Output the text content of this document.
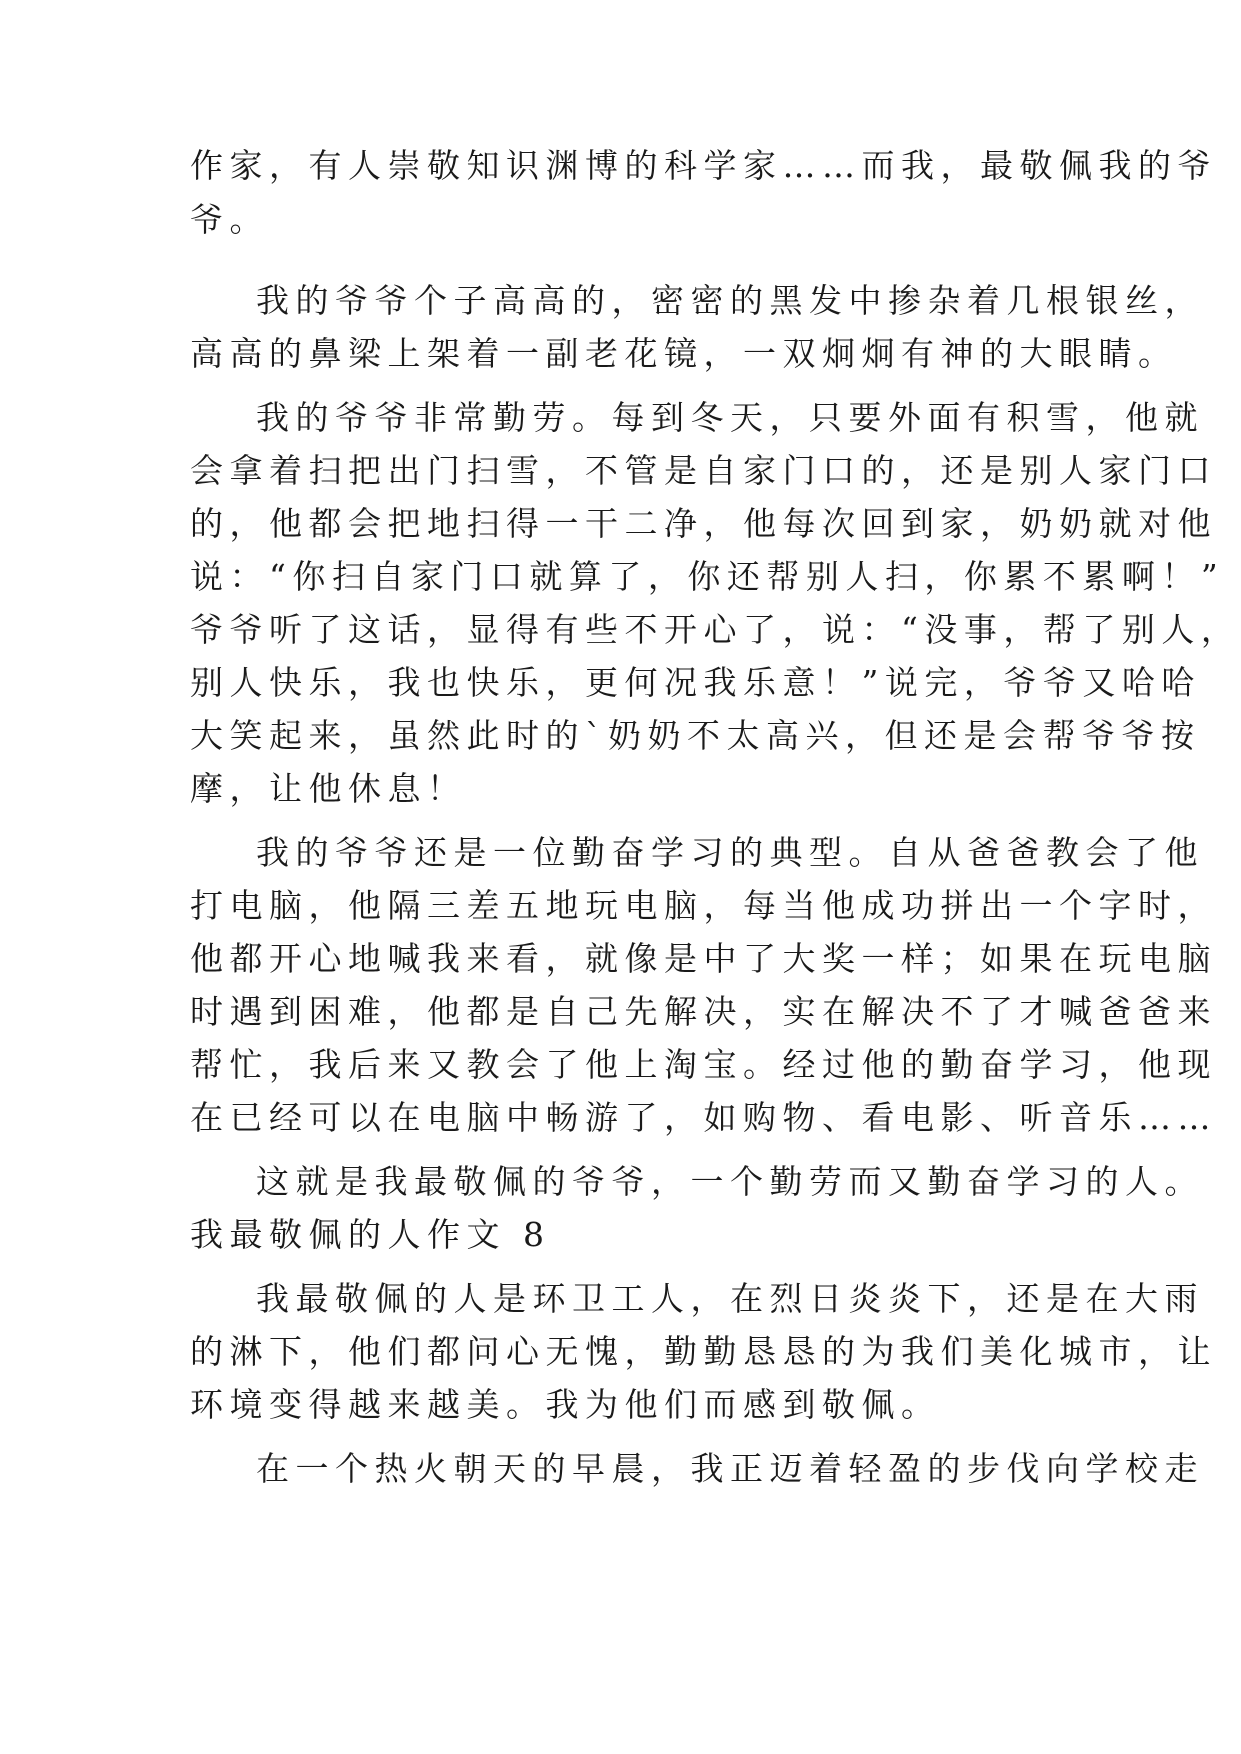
作家，有人崇敬知识渊博的科学家……而我，最敬佩我的爷

爷。

我的爷爷个子高高的，密密的黑发中掺杂着几根银丝，

高高的鼻梁上架着一副老花镜，一双炯炯有神的大眼睛。

我的爷爷非常勤劳。每到冬天，只要外面有积雪，他就

会拿着扫把出门扫雪，不管是自家门口的，还是别人家门口

的，他都会把地扫得一干二净，他每次回到家，奶奶就对他

说：“你扫自家门口就算了，你还帮别人扫，你累不累啊！”

爷爷听了这话，显得有些不开心了，说：“没事，帮了别人，

别人快乐，我也快乐，更何况我乐意！”说完，爷爷又哈哈

大笑起来，虽然此时的`奶奶不太高兴，但还是会帮爷爷按

摩，让他休息！

我的爷爷还是一位勤奋学习的典型。自从爸爸教会了他

打电脑，他隔三差五地玩电脑，每当他成功拼出一个字时，

他都开心地喊我来看，就像是中了大奖一样；如果在玩电脑

时遇到困难，他都是自己先解决，实在解决不了才喊爸爸来

帮忙，我后来又教会了他上淘宝。经过他的勤奋学习，他现

在已经可以在电脑中畅游了，如购物、看电影、听音乐……

这就是我最敬佩的爷爷，一个勤劳而又勤奋学习的人。

我最敬佩的人作文 8

我最敬佩的人是环卫工人，在烈日炎炎下，还是在大雨

的淋下，他们都问心无愧，勤勤恳恳的为我们美化城市，让

环境变得越来越美。我为他们而感到敬佩。

在一个热火朝天的早晨，我正迈着轻盈的步伐向学校走
